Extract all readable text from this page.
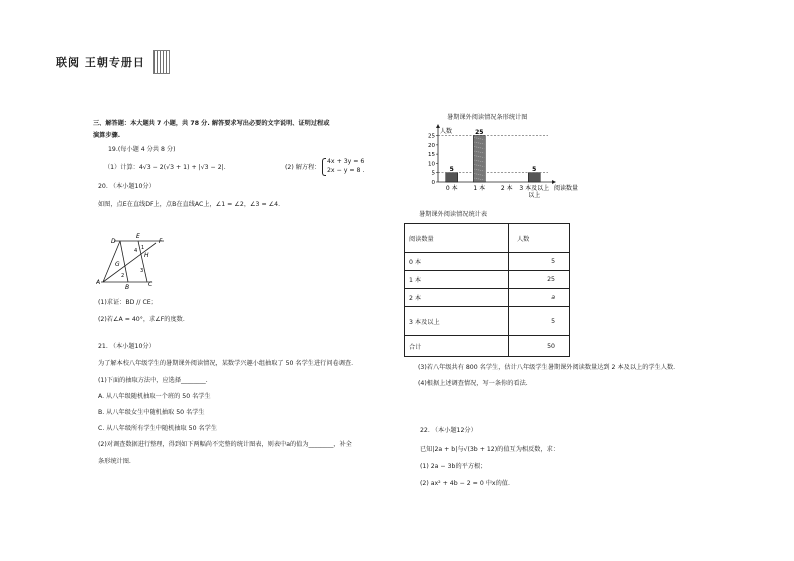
联阅 王朝专册日
三、解答题：本大题共 7 小题，共 78 分. 解答要求写出必要的文字说明、证明过程或
演算步骤.
19.(每小题 4 分共 8 分)
（1）计算：4√3 − 2(√3 + 1) + |√3 − 2|.	(2) 解方程：
4x + 3y = 6
2x − y = 8 .
20. （本小题10分）
如图，点E在直线DF上，点B在直线AC上，∠1 = ∠2，∠3 = ∠4.
D
E
F
G
H
A
B	C
1
2
3
4
(1)求证：BD // CE；
(2)若∠A = 40°，求∠F的度数.
21. （本小题10分）
为了解本校八年级学生的暑期课外阅读情况，某数学兴趣小组抽取了 50 名学生进行问卷调查.
(1)下面的抽取方法中，应选择________.
A. 从八年级随机抽取一个班的 50 名学生
B. 从八年级女生中随机抽取 50 名学生
C. 从八年级所有学生中随机抽取 50 名学生
(2)对调查数据进行整理，得到如下两幅尚不完整的统计图表，则表中a的值为________，补全
条形统计图.
暑期课外阅读情况条形统计图
人数
阅读数量
0
5
10
15
20
25
5
0 本
25
1 本	2 本
5
3 本及以上
以上
暑期课外阅读情况统计表
阅读数量	人数
0 本	5
1 本	25
2 本	a
3 本及以上	5
合计	50
(3)若八年级共有 800 名学生，估计八年级学生暑期课外阅读数量达到 2 本及以上的学生人数.
(4)根据上述调查情况，写一条你的看法.
22. （本小题12分）
已知|2a + b|与√(3b + 12)的值互为相反数，求：
(1) 2a − 3b的平方根；
(2) ax² + 4b − 2 = 0 中x的值.
